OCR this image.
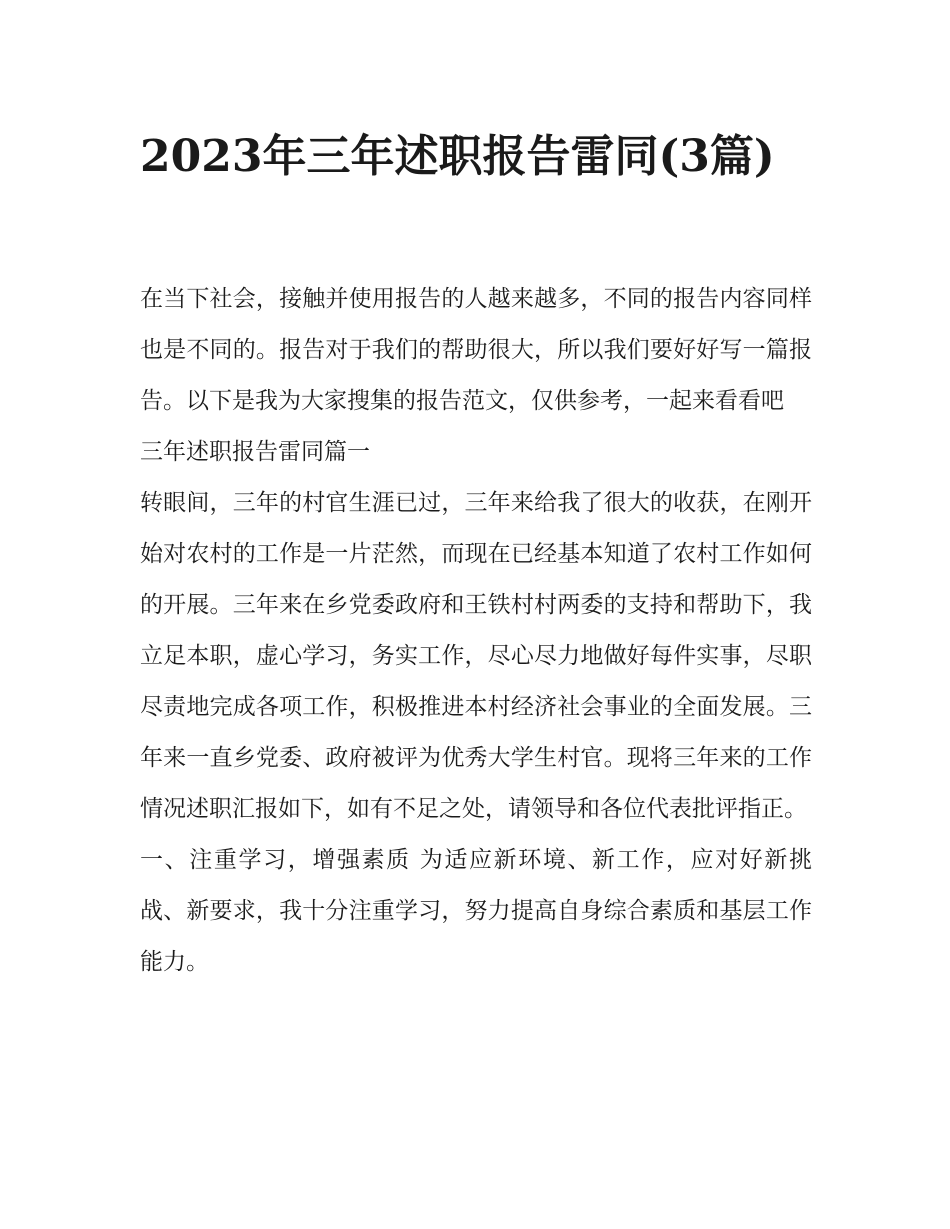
2023年三年述职报告雷同(3篇)

在当下社会，接触并使用报告的人越来越多，不同的报告内容同样也是不同的。报告对于我们的帮助很大，所以我们要好好写一篇报告。以下是我为大家搜集的报告范文，仅供参考，一起来看看吧

三年述职报告雷同篇一

转眼间，三年的村官生涯已过，三年来给我了很大的收获，在刚开始对农村的工作是一片茫然，而现在已经基本知道了农村工作如何的开展。三年来在乡党委政府和王铁村村两委的支持和帮助下，我立足本职，虚心学习，务实工作，尽心尽力地做好每件实事，尽职尽责地完成各项工作，积极推进本村经济社会事业的全面发展。三年来一直乡党委、政府被评为优秀大学生村官。现将三年来的工作情况述职汇报如下，如有不足之处，请领导和各位代表批评指正。

一、注重学习，增强素质 为适应新环境、新工作，应对好新挑战、新要求，我十分注重学习，努力提高自身综合素质和基层工作能力。
